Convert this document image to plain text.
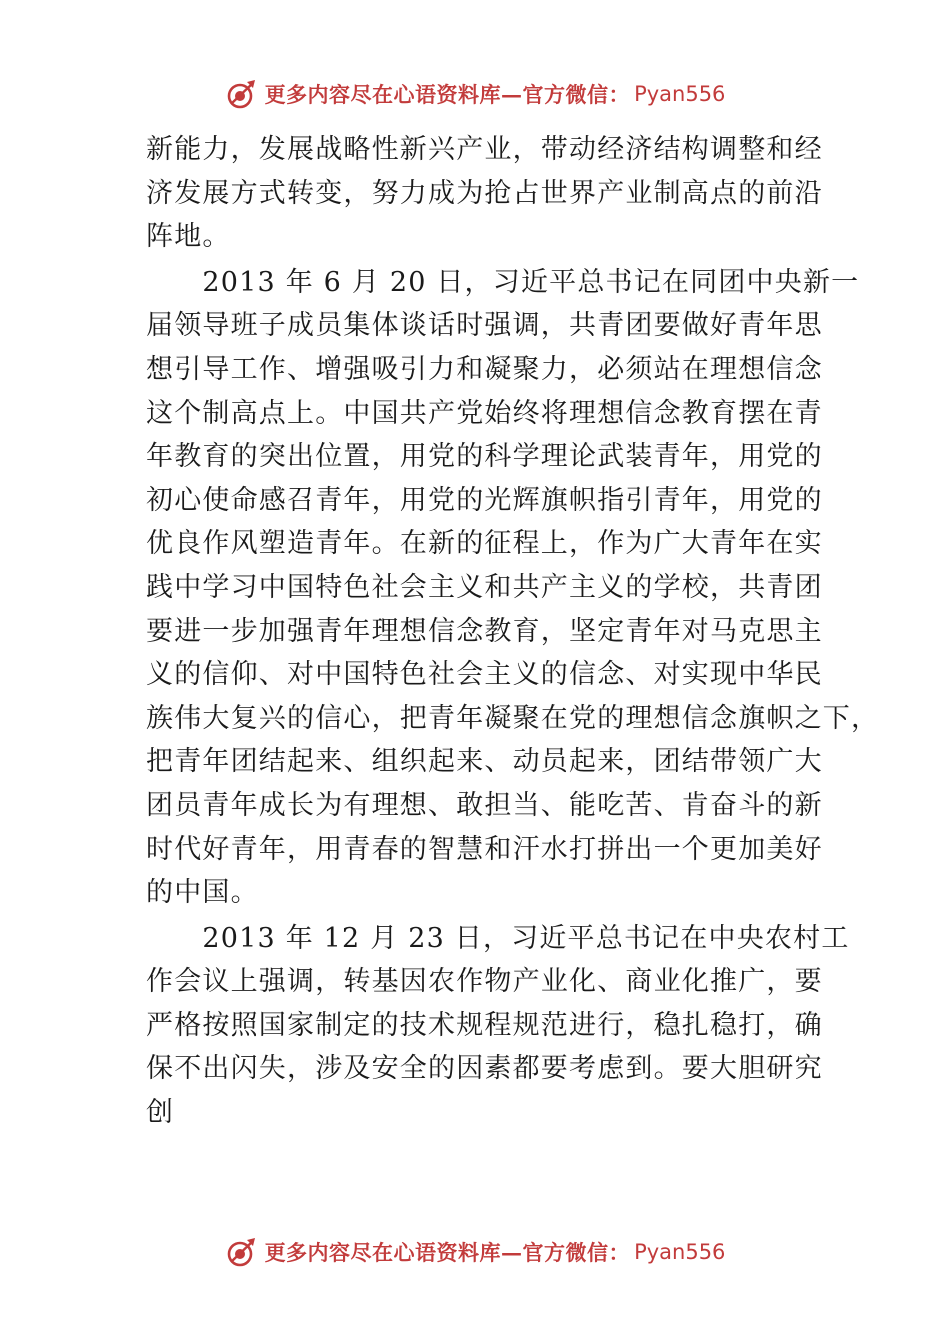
更多内容尽在心语资料库—官方微信： Pyan556
新能力，发展战略性新兴产业，带动经济结构调整和经
济发展方式转变，努力成为抢占世界产业制高点的前沿
阵地。
　　2013 年 6 月 20 日，习近平总书记在同团中央新一
届领导班子成员集体谈话时强调，共青团要做好青年思
想引导工作、增强吸引力和凝聚力，必须站在理想信念
这个制高点上。中国共产党始终将理想信念教育摆在青
年教育的突出位置，用党的科学理论武装青年，用党的
初心使命感召青年，用党的光辉旗帜指引青年，用党的
优良作风塑造青年。在新的征程上，作为广大青年在实
践中学习中国特色社会主义和共产主义的学校，共青团
要进一步加强青年理想信念教育，坚定青年对马克思主
义的信仰、对中国特色社会主义的信念、对实现中华民
族伟大复兴的信心，把青年凝聚在党的理想信念旗帜之下，
把青年团结起来、组织起来、动员起来，团结带领广大
团员青年成长为有理想、敢担当、能吃苦、肯奋斗的新
时代好青年，用青春的智慧和汗水打拼出一个更加美好
的中国。
　　2013 年 12 月 23 日，习近平总书记在中央农村工
作会议上强调，转基因农作物产业化、商业化推广，要
严格按照国家制定的技术规程规范进行，稳扎稳打，确
保不出闪失，涉及安全的因素都要考虑到。要大胆研究
创
更多内容尽在心语资料库—官方微信： Pyan556
